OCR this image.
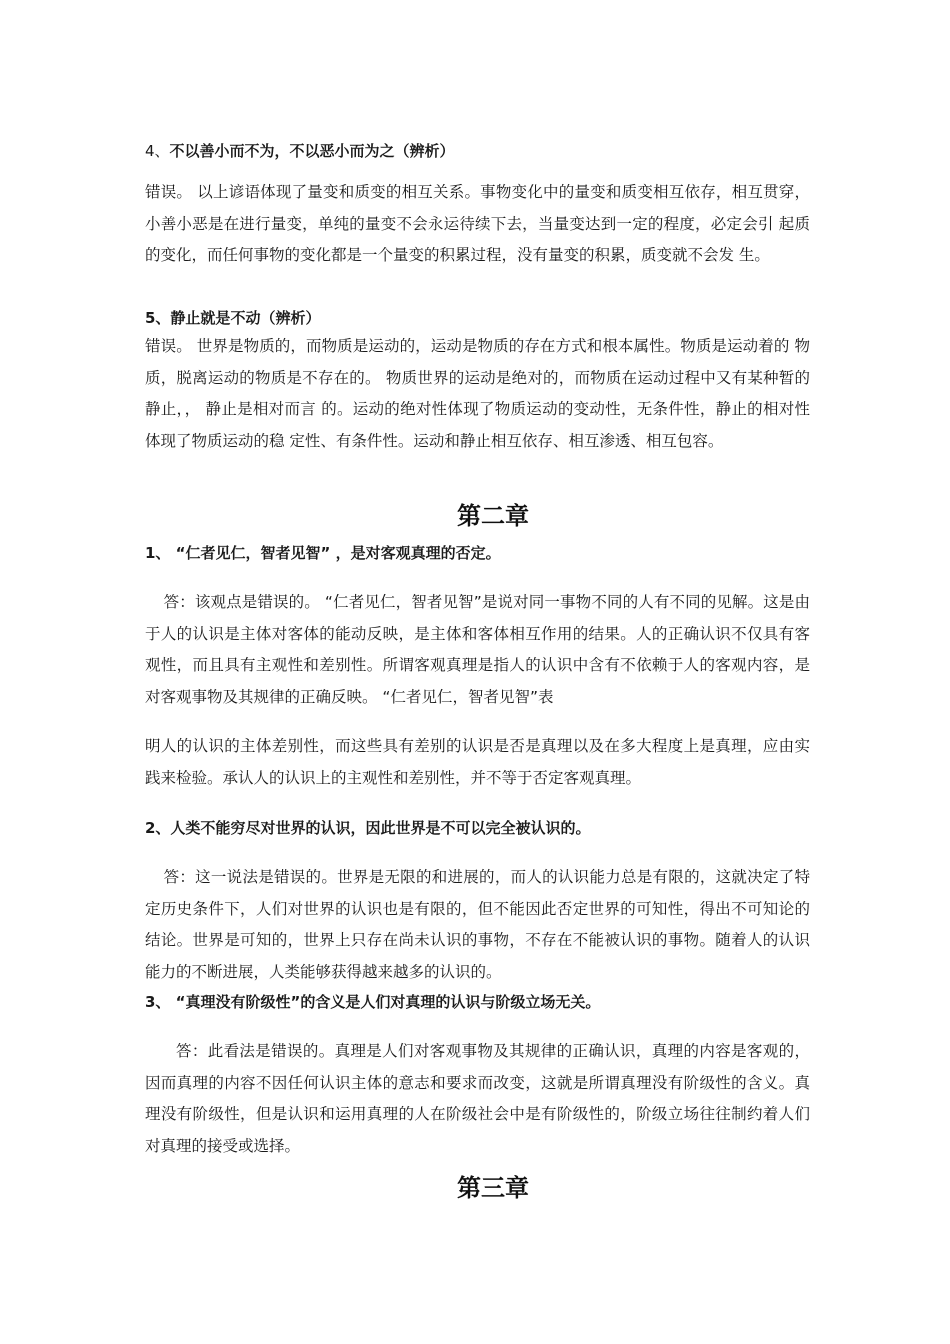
4、不以善小而不为，不以恶小而为之（辨析）

错误。 以上谚语体现了量变和质变的相互关系。事物变化中的量变和质变相互依存，相互贯穿， 小善小恶是在进行量变，单纯的量变不会永运待续下去，当量变达到一定的程度，必定会引 起质的变化，而任何事物的变化都是一个量变的积累过程，没有量变的积累，质变就不会发 生。

5、静止就是不动（辨析）

错误。 世界是物质的，而物质是运动的，运动是物质的存在方式和根本属性。物质是运动着的 物质，脱离运动的物质是不存在的。 物质世界的运动是绝对的，而物质在运动过程中又有某种暂的静止，， 静止是相对而言 的。运动的绝对性体现了物质运动的变动性，无条件性，静止的相对性体现了物质运动的稳 定性、有条件性。运动和静止相互依存、相互渗透、相互包容。

第二章

1、 “仁者见仁，智者见智” ，是对客观真理的否定。

答：该观点是错误的。 “仁者见仁，智者见智”是说对同一事物不同的人有不同的见解。这是由于人的认识是主体对客体的能动反映，是主体和客体相互作用的结果。人的正确认识不仅具有客观性，而且具有主观性和差别性。所谓客观真理是指人的认识中含有不依赖于人的客观内容，是对客观事物及其规律的正确反映。 “仁者见仁，智者见智”表

明人的认识的主体差别性，而这些具有差别的认识是否是真理以及在多大程度上是真理，应由实践来检验。承认人的认识上的主观性和差别性，并不等于否定客观真理。

2、人类不能穷尽对世界的认识，因此世界是不可以完全被认识的。

答：这一说法是错误的。世界是无限的和进展的，而人的认识能力总是有限的，这就决定了特定历史条件下，人们对世界的认识也是有限的，但不能因此否定世界的可知性，得出不可知论的结论。世界是可知的，世界上只存在尚未认识的事物，不存在不能被认识的事物。随着人的认识能力的不断进展，人类能够获得越来越多的认识的。

3、 “真理没有阶级性”的含义是人们对真理的认识与阶级立场无关。

答：此看法是错误的。真理是人们对客观事物及其规律的正确认识，真理的内容是客观的，因而真理的内容不因任何认识主体的意志和要求而改变，这就是所谓真理没有阶级性的含义。真理没有阶级性，但是认识和运用真理的人在阶级社会中是有阶级性的，阶级立场往往制约着人们对真理的接受或选择。

第三章
